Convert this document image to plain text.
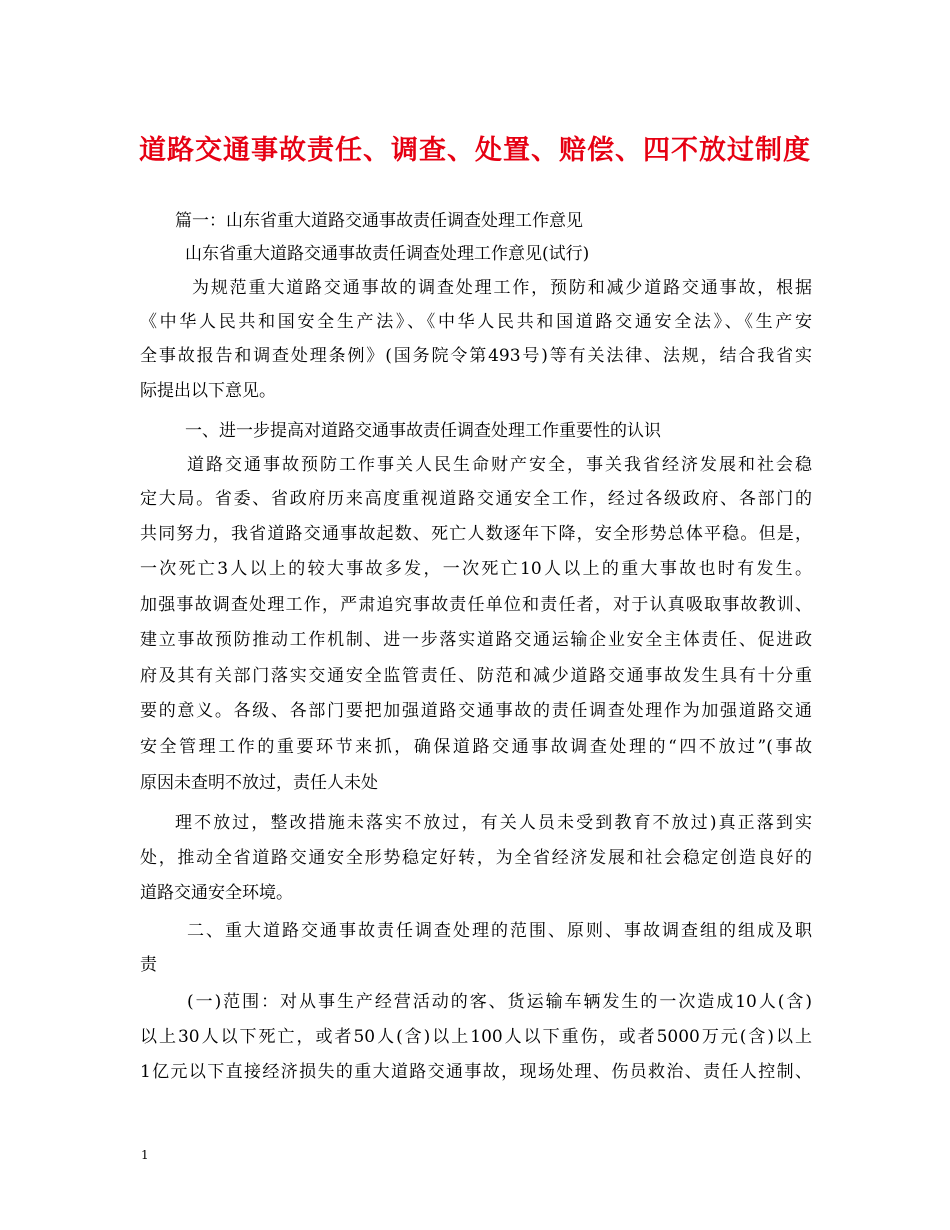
道路交通事故责任、调查、处置、赔偿、四不放过制度
篇一：山东省重大道路交通事故责任调查处理工作意见
山东省重大道路交通事故责任调查处理工作意见(试行)
为规范重大道路交通事故的调查处理工作，预防和减少道路交通事故，根据
《中华人民共和国安全生产法》、《中华人民共和国道路交通安全法》、《生产安
全事故报告和调查处理条例》(国务院令第493号)等有关法律、法规，结合我省实
际提出以下意见。
一、进一步提高对道路交通事故责任调查处理工作重要性的认识
道路交通事故预防工作事关人民生命财产安全，事关我省经济发展和社会稳
定大局。省委、省政府历来高度重视道路交通安全工作，经过各级政府、各部门的
共同努力，我省道路交通事故起数、死亡人数逐年下降，安全形势总体平稳。但是，
一次死亡3人以上的较大事故多发，一次死亡10人以上的重大事故也时有发生。
加强事故调查处理工作，严肃追究事故责任单位和责任者，对于认真吸取事故教训、
建立事故预防推动工作机制、进一步落实道路交通运输企业安全主体责任、促进政
府及其有关部门落实交通安全监管责任、防范和减少道路交通事故发生具有十分重
要的意义。各级、各部门要把加强道路交通事故的责任调查处理作为加强道路交通
安全管理工作的重要环节来抓，确保道路交通事故调查处理的“四不放过”(事故
原因未查明不放过，责任人未处
理不放过，整改措施未落实不放过，有关人员未受到教育不放过)真正落到实
处，推动全省道路交通安全形势稳定好转，为全省经济发展和社会稳定创造良好的
道路交通安全环境。
二、重大道路交通事故责任调查处理的范围、原则、事故调查组的组成及职
责
(一)范围：对从事生产经营活动的客、货运输车辆发生的一次造成10人(含)
以上30人以下死亡，或者50人(含)以上100人以下重伤，或者5000万元(含)以上
1亿元以下直接经济损失的重大道路交通事故，现场处理、伤员救治、责任人控制、
1
